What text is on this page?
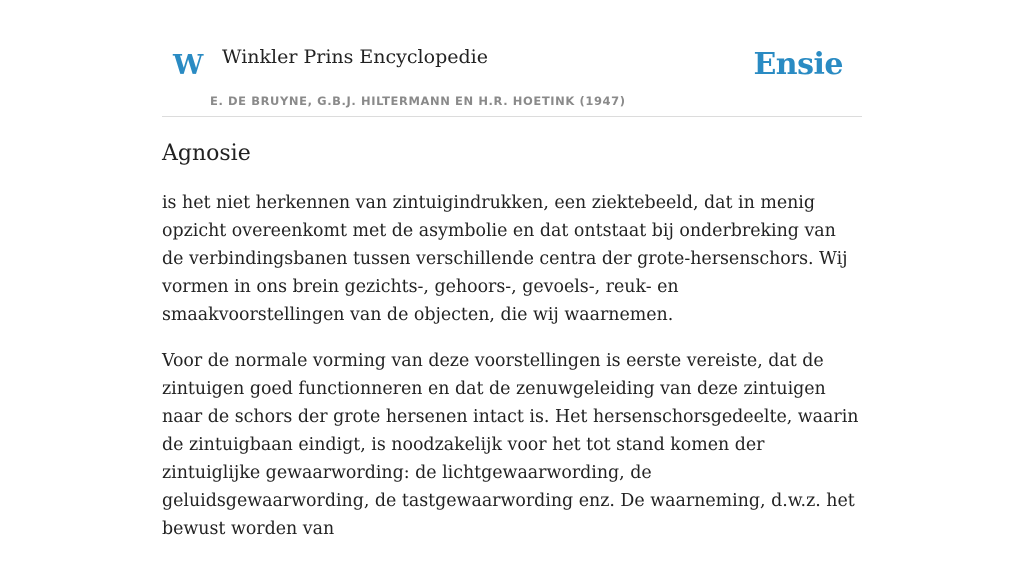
W Winkler Prins Encyclopedie
E. DE BRUYNE, G.B.J. HILTERMANN EN H.R. HOETINK (1947)
Ensie
Agnosie

is het niet herkennen van zintuigindrukken, een ziektebeeld, dat in menig opzicht overeenkomt met de asymbolie en dat ontstaat bij onderbreking van de verbindingsbanen tussen verschillende centra der grote-hersenschors. Wij vormen in ons brein gezichts-, gehoors-, gevoels-, reuk- en smaakvoorstellingen van de objecten, die wij waarnemen.

Voor de normale vorming van deze voorstellingen is eerste vereiste, dat de zintuigen goed functionneren en dat de zenuwgeleiding van deze zintuigen naar de schors der grote hersenen intact is. Het hersenschorsgedeelte, waarin de zintuigbaan eindigt, is noodzakelijk voor het tot stand komen der zintuiglijke gewaarwording: de lichtgewaarwording, de geluidsgewaarwording, de tastgewaarwording enz. De waarneming, d.w.z. het bewust worden van
